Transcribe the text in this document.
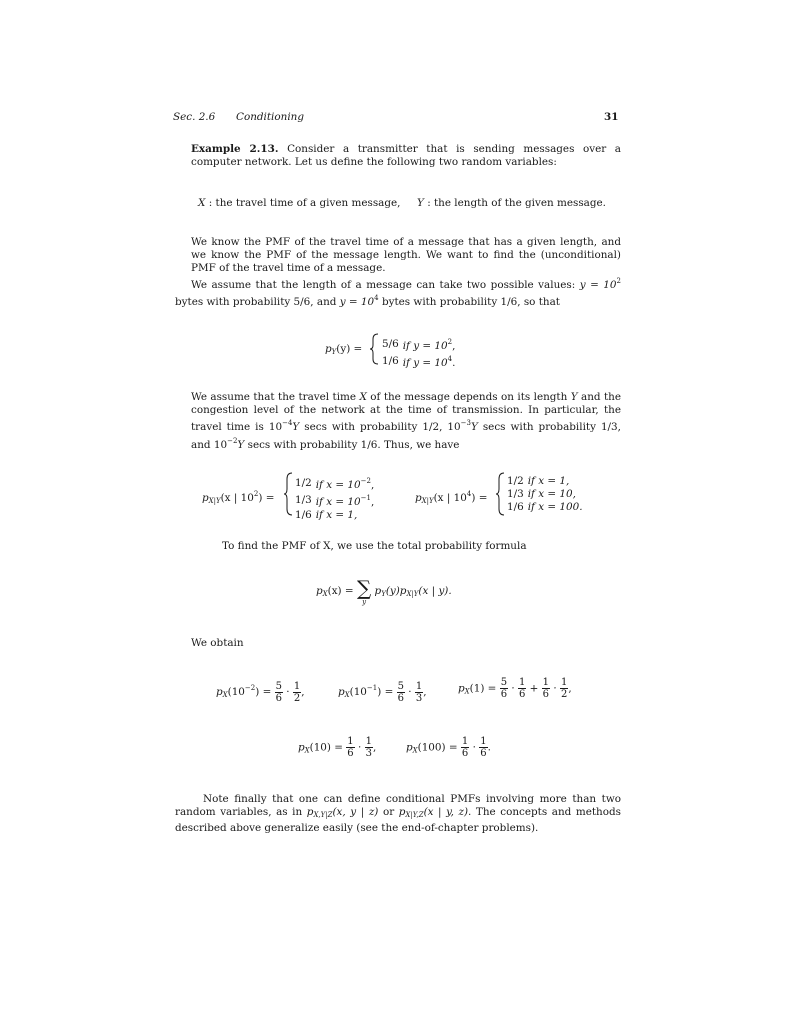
Sec. 2.6 Conditioning	31
Example 2.13. Consider a transmitter that is sending messages over a computer network. Let us define the following two random variables:
X : the travel time of a given message, Y : the length of the given message.
We know the PMF of the travel time of a message that has a given length, and we know the PMF of the message length. We want to find the (unconditional) PMF of the travel time of a message.
We assume that the length of a message can take two possible values: $y = 10^2$ bytes with probability 5/6, and $y = 10^4$ bytes with probability 1/6, so that
$p_Y(y) = 5/6$	if $y = 10^2$,
1/6	if $y = 10^4$.
We assume that the travel time X of the message depends on its length Y and the congestion level of the network at the time of transmission. In particular, the travel time is $10^{-4}Y$ secs with probability 1/2, $10^{-3}Y$ secs with probability 1/3, and $10^{-2}Y$ secs with probability 1/6. Thus, we have
$p_{X|Y}(x$ | $10^2$) =
1/2	if $x = 10^{-2}$,
1/3	if $x = 10^{-1}$,
1/6	if x = 1,
$p_{X|Y}(x$ | $10^4$) =
1/2	if x = 1,
1/3	if x = 10,
1/6	if x = 100.
To find the PMF of X, we use the total probability formula
$p_X(x)$ = ∑
y
$p_Y(y)p_{X|Y}(x$ | y).
We obtain
$p_X(10^{-2}) = \frac{5}{6} \cdot \frac{1}{2}$ ,	$p_X(10^{-1}) = \frac{5}{6} \cdot \frac{1}{3}$ ,	$p_X(1) = \frac{5}{6} \cdot \frac{1}{6} + \frac{1}{6} \cdot \frac{1}{2}$ ,
$p_X(10) = \frac{1}{6} \cdot \frac{1}{3}$ ,	$p_X(100) = \frac{1}{6} \cdot \frac{1}{6}$ .
Note finally that one can define conditional PMFs involving more than two random variables, as in $p_{X,Y|Z}(x$, y | z) or $p_{X|Y,Z}(x$ | y, z). The concepts and methods described above generalize easily (see the end-of-chapter problems).
